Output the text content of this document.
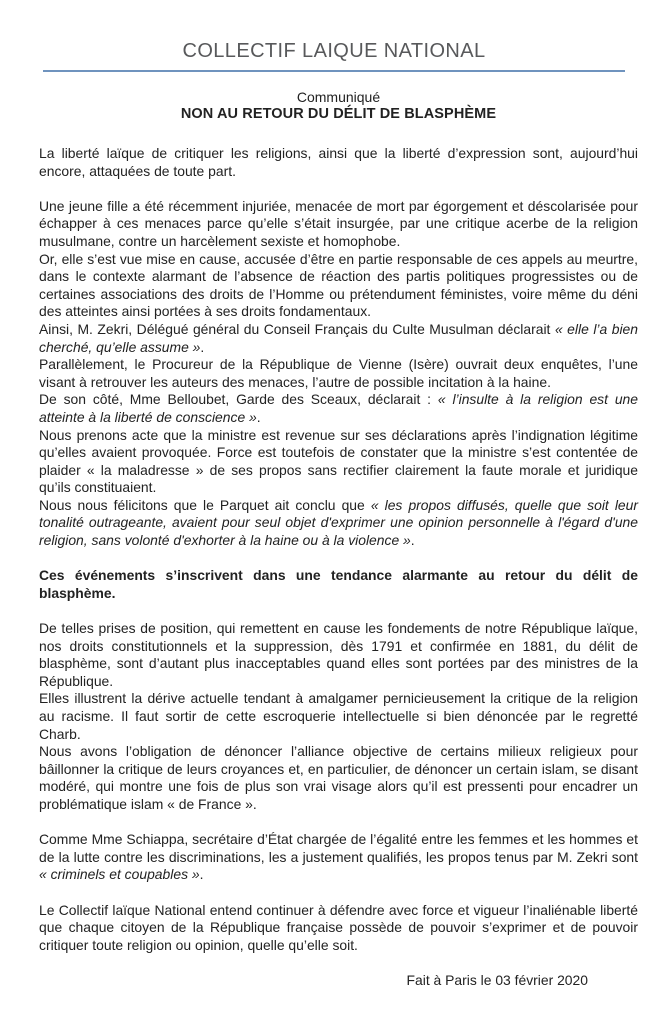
COLLECTIF LAIQUE NATIONAL
Communiqué
NON AU RETOUR DU DÉLIT DE BLASPHÈME

La liberté laïque de critiquer les religions, ainsi que la liberté d’expression sont, aujourd’hui encore, attaquées de toute part.

Une jeune fille a été récemment injuriée, menacée de mort par égorgement et déscolarisée pour échapper à ces menaces parce qu’elle s’était insurgée, par une critique acerbe de la religion musulmane, contre un harcèlement sexiste et homophobe.

Or, elle s’est vue mise en cause, accusée d’être en partie responsable de ces appels au meurtre, dans le contexte alarmant de l’absence de réaction des partis politiques progressistes ou de certaines associations des droits de l’Homme ou prétendument féministes, voire même du déni des atteintes ainsi portées à ses droits fondamentaux.

Ainsi, M. Zekri, Délégué général du Conseil Français du Culte Musulman déclarait « elle l’a bien cherché, qu’elle assume ».

Parallèlement, le Procureur de la République de Vienne (Isère) ouvrait deux enquêtes, l’une visant à retrouver les auteurs des menaces, l’autre de possible incitation à la haine.

De son côté, Mme Belloubet, Garde des Sceaux, déclarait : « l’insulte à la religion est une atteinte à la liberté de conscience ».

Nous prenons acte que la ministre est revenue sur ses déclarations après l’indignation légitime qu’elles avaient provoquée. Force est toutefois de constater que la ministre s’est contentée de plaider « la maladresse » de ses propos sans rectifier clairement la faute morale et juridique qu’ils constituaient.

Nous nous félicitons que le Parquet ait conclu que « les propos diffusés, quelle que soit leur tonalité outrageante, avaient pour seul objet d'exprimer une opinion personnelle à l'égard d'une religion, sans volonté d'exhorter à la haine ou à la violence ».

Ces événements s’inscrivent dans une tendance alarmante au retour du délit de blasphème.

De telles prises de position, qui remettent en cause les fondements de notre République laïque, nos droits constitutionnels et la suppression, dès 1791 et confirmée en 1881, du délit de blasphème, sont d’autant plus inacceptables quand elles sont portées par des ministres de la République.

Elles illustrent la dérive actuelle tendant à amalgamer pernicieusement la critique de la religion au racisme. Il faut sortir de cette escroquerie intellectuelle si bien dénoncée par le regretté Charb.

Nous avons l’obligation de dénoncer l’alliance objective de certains milieux religieux pour bâillonner la critique de leurs croyances et, en particulier, de dénoncer un certain islam, se disant modéré, qui montre une fois de plus son vrai visage alors qu’il est pressenti pour encadrer un problématique islam « de France ».

Comme Mme Schiappa, secrétaire d’État chargée de l’égalité entre les femmes et les hommes et de la lutte contre les discriminations, les a justement qualifiés, les propos tenus par M. Zekri sont « criminels et coupables ».

Le Collectif laïque National entend continuer à défendre avec force et vigueur l’inaliénable liberté que chaque citoyen de la République française possède de pouvoir s’exprimer et de pouvoir critiquer toute religion ou opinion, quelle qu’elle soit.

Fait à Paris le 03 février 2020
